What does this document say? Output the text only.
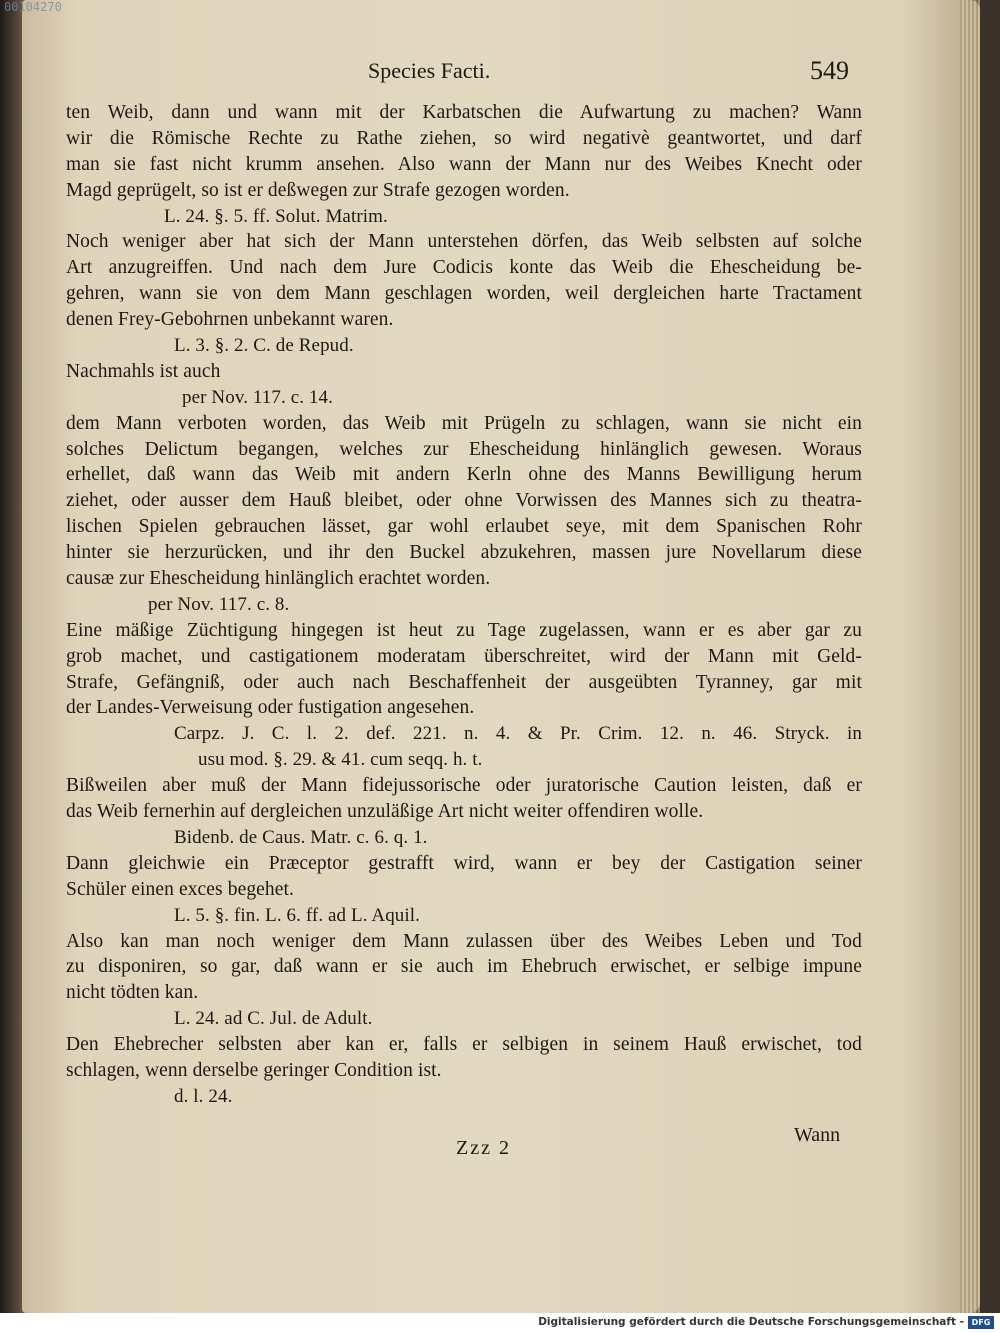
00104270
Species Facti.	549
ten Weib, dann und wann mit der Karbatschen die Aufwartung zu machen? Wann
wir die Römische Rechte zu Rathe ziehen, so wird negativè geantwortet, und darf
man sie fast nicht krumm ansehen. Also wann der Mann nur des Weibes Knecht oder
Magd geprügelt, so ist er deßwegen zur Strafe gezogen worden.
L. 24. §. 5. ff. Solut. Matrim.
Noch weniger aber hat sich der Mann unterstehen dörfen, das Weib selbsten auf solche
Art anzugreiffen. Und nach dem Jure Codicis konte das Weib die Ehescheidung be-
gehren, wann sie von dem Mann geschlagen worden, weil dergleichen harte Tractament
denen Frey-Gebohrnen unbekannt waren.
L. 3. §. 2. C. de Repud.
Nachmahls ist auch
per Nov. 117. c. 14.
dem Mann verboten worden, das Weib mit Prügeln zu schlagen, wann sie nicht ein
solches Delictum begangen, welches zur Ehescheidung hinlänglich gewesen. Woraus
erhellet, daß wann das Weib mit andern Kerln ohne des Manns Bewilligung herum
ziehet, oder ausser dem Hauß bleibet, oder ohne Vorwissen des Mannes sich zu theatra-
lischen Spielen gebrauchen lässet, gar wohl erlaubet seye, mit dem Spanischen Rohr
hinter sie herzurücken, und ihr den Buckel abzukehren, massen jure Novellarum diese
causæ zur Ehescheidung hinlänglich erachtet worden.
per Nov. 117. c. 8.
Eine mäßige Züchtigung hingegen ist heut zu Tage zugelassen, wann er es aber gar zu
grob machet, und castigationem moderatam überschreitet, wird der Mann mit Geld-
Strafe, Gefängniß, oder auch nach Beschaffenheit der ausgeübten Tyranney, gar mit
der Landes-Verweisung oder fustigation angesehen.
Carpz. J. C. l. 2. def. 221. n. 4. & Pr. Crim. 12. n. 46. Stryck. in
usu mod. §. 29. & 41. cum seqq. h. t.
Bißweilen aber muß der Mann fidejussorische oder juratorische Caution leisten, daß er
das Weib fernerhin auf dergleichen unzuläßige Art nicht weiter offendiren wolle.
Bidenb. de Caus. Matr. c. 6. q. 1.
Dann gleichwie ein Præceptor gestrafft wird, wann er bey der Castigation seiner
Schüler einen exces begehet.
L. 5. §. fin. L. 6. ff. ad L. Aquil.
Also kan man noch weniger dem Mann zulassen über des Weibes Leben und Tod
zu disponiren, so gar, daß wann er sie auch im Ehebruch erwischet, er selbige impune
nicht tödten kan.
L. 24. ad C. Jul. de Adult.
Den Ehebrecher selbsten aber kan er, falls er selbigen in seinem Hauß erwischet, tod
schlagen, wenn derselbe geringer Condition ist.
d. l. 24.
Zzz 2
Wann
Digitalisierung gefördert durch die Deutsche Forschungsgemeinschaft - DFG
